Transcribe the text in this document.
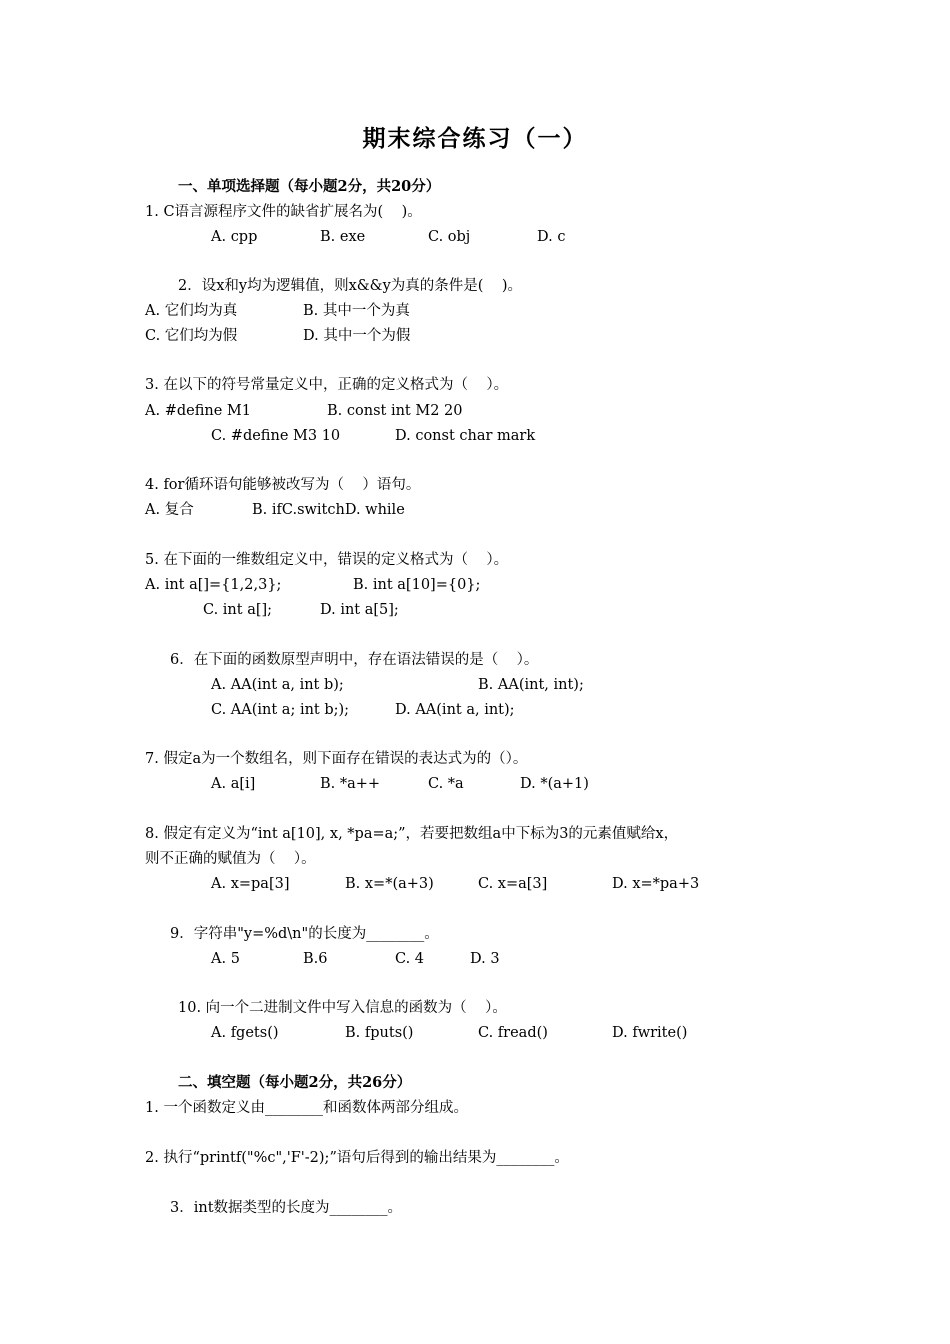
期末综合练习（一）
一、单项选择题（每小题2分，共20分）
1. C语言源程序文件的缺省扩展名为(    )。
A. cpp	B. exe	C. obj	D. c
2．设x和y均为逻辑值，则x&&y为真的条件是(    )。
A. 它们均为真	B. 其中一个为真
C. 它们均为假	D. 其中一个为假
3. 在以下的符号常量定义中，正确的定义格式为（    ）。
A. #define M1	B. const int M2 20
C. #define M3 10	D. const char mark
4. for循环语句能够被改写为（    ）语句。
A. 复合	B. ifC.switchD. while
5. 在下面的一维数组定义中，错误的定义格式为（    ）。
A. int a[]={1,2,3};	B. int a[10]={0};
C. int a[];	D. int a[5];
6．在下面的函数原型声明中，存在语法错误的是（    ）。
A. AA(int a, int b);	B. AA(int, int);
C. AA(int a; int b;);	D. AA(int a, int);
7. 假定a为一个数组名，则下面存在错误的表达式为的（）。
A. a[i]	B. *a++	C. *a	D. *(a+1)
8. 假定有定义为“int a[10], x, *pa=a;”，若要把数组a中下标为3的元素值赋给x，
则不正确的赋值为（    ）。
A. x=pa[3]	B. x=*(a+3)	C. x=a[3]	D. x=*pa+3
9．字符串"y=%d\n"的长度为________。
A. 5	B.6	C. 4	D. 3
10. 向一个二进制文件中写入信息的函数为（    ）。
A. fgets()	B. fputs()	C. fread()	D. fwrite()
二、填空题（每小题2分，共26分）
1. 一个函数定义由________和函数体两部分组成。
2. 执行“printf("%c",'F'-2);”语句后得到的输出结果为________。
3．int数据类型的长度为________。
